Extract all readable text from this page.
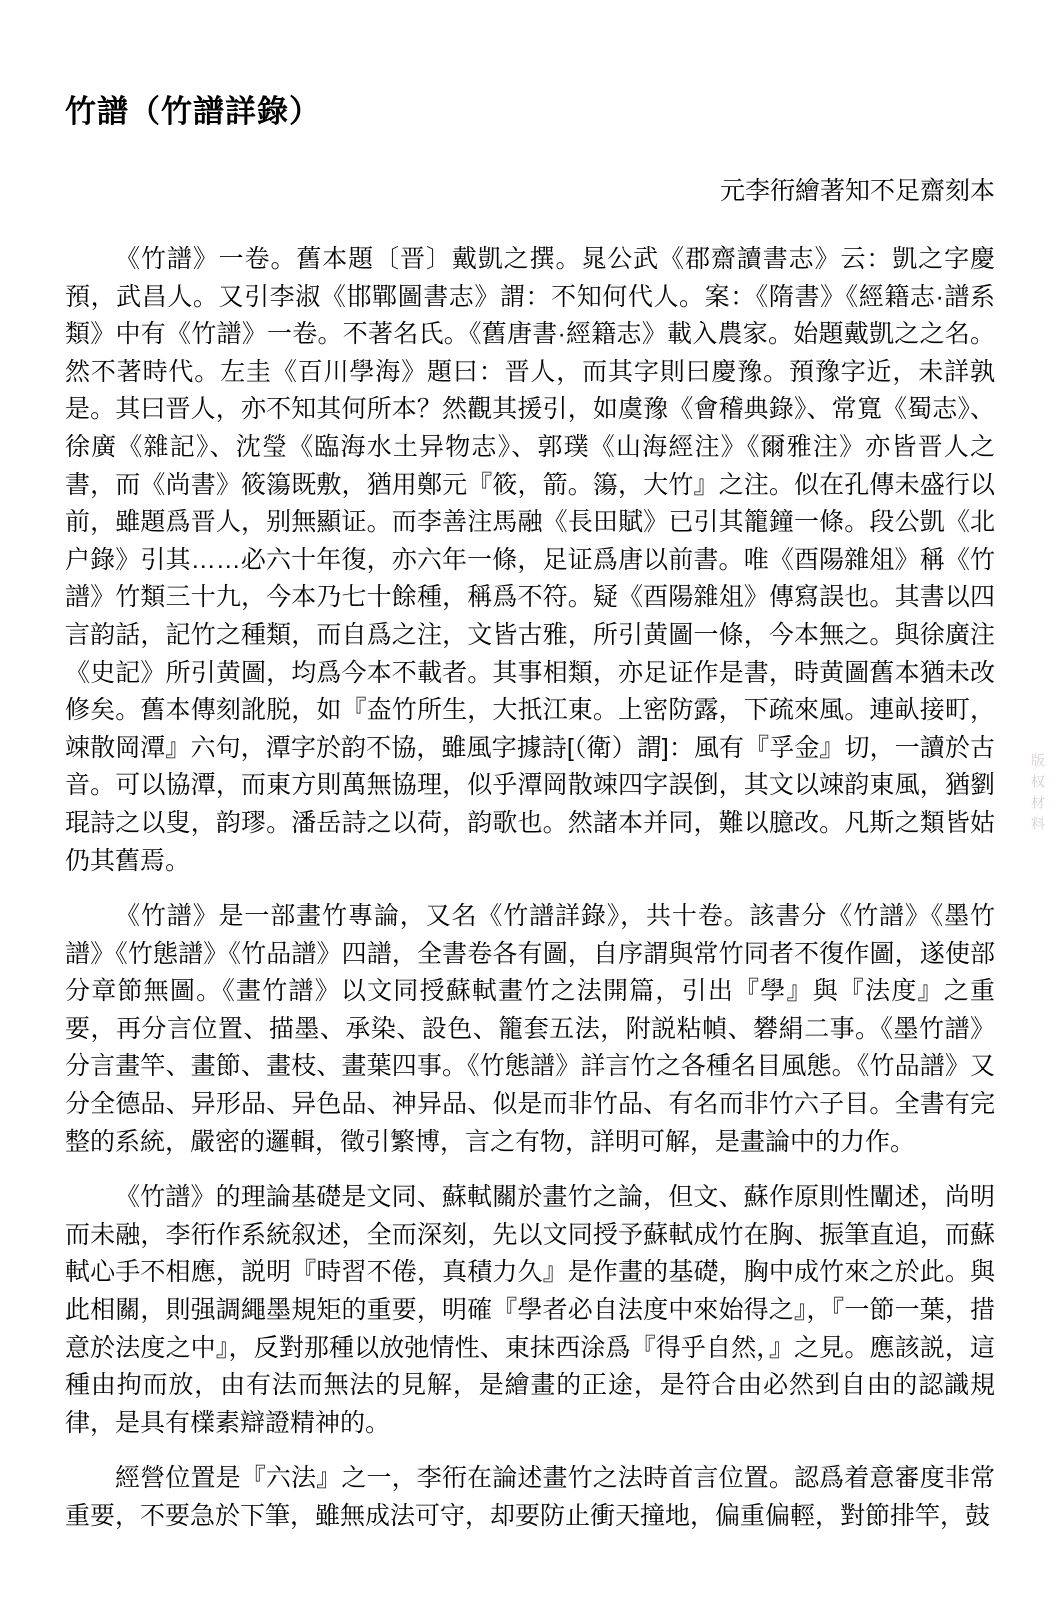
竹譜（竹譜詳錄）
元李衎繪著知不足齋刻本

《竹譜》一卷。舊本題〔晋〕戴凱之撰。晁公武《郡齋讀書志》云：凱之字慶預，武昌人。又引李淑《邯鄲圖書志》謂：不知何代人。案：《隋書》《經籍志·譜系類》中有《竹譜》一卷。不著名氏。《舊唐書·經籍志》載入農家。始題戴凱之之名。然不著時代。左圭《百川學海》題曰：晋人，而其字則曰慶豫。預豫字近，未詳孰是。其曰晋人，亦不知其何所本？然觀其援引，如虞豫《會稽典錄》、常寬《蜀志》、徐廣《雜記》、沈瑩《臨海水土异物志》、郭璞《山海經注》《爾雅注》亦皆晋人之書，而《尚書》筱簜既敷，猶用鄭元『筱，箭。簜，大竹』之注。似在孔傳未盛行以前，雖題爲晋人，别無顯证。而李善注馬融《長田賦》已引其籠鐘一條。段公凱《北户錄》引其……必六十年復，亦六年一條，足证爲唐以前書。唯《酉陽雜俎》稱《竹譜》竹類三十九，今本乃七十餘種，稱爲不符。疑《酉陽雜俎》傳寫誤也。其書以四言韵話，記竹之種類，而自爲之注，文皆古雅，所引黄圖一條，今本無之。與徐廣注《史記》所引黄圖，均爲今本不載者。其事相類，亦足证作是書，時黄圖舊本猶未改修矣。舊本傳刻訛脱，如『盇竹所生，大扺江東。上密防露，下疏來風。連畒接町，竦散岡潭』六句，潭字於韵不協，雖風字據詩[（衛）謂]：風有『孚金』切，一讀於古音。可以協潭，而東方則萬無協理，似乎潭岡散竦四字誤倒，其文以竦韵東風，猶劉琨詩之以叟，韵璆。潘岳詩之以荷，韵歌也。然諸本并同，難以臆改。凡斯之類皆姑仍其舊焉。

《竹譜》是一部畫竹專論，又名《竹譜詳錄》，共十卷。該書分《竹譜》《墨竹譜》《竹態譜》《竹品譜》四譜，全書卷各有圖，自序謂與常竹同者不復作圖，遂使部分章節無圖。《畫竹譜》以文同授蘇軾畫竹之法開篇，引出『學』與『法度』之重要，再分言位置、描墨、承染、設色、籠套五法，附説粘幀、礬絹二事。《墨竹譜》分言畫竿、畫節、畫枝、畫葉四事。《竹態譜》詳言竹之各種名目風態。《竹品譜》又分全德品、异形品、异色品、神异品、似是而非竹品、有名而非竹六子目。全書有完整的系統，嚴密的邏輯，徵引繁博，言之有物，詳明可解，是畫論中的力作。

《竹譜》的理論基礎是文同、蘇軾關於畫竹之論，但文、蘇作原則性闡述，尚明而未融，李衎作系統叙述，全而深刻，先以文同授予蘇軾成竹在胸、振筆直追，而蘇軾心手不相應，説明『時習不倦，真積力久』是作畫的基礎，胸中成竹來之於此。與此相關，則强調繩墨規矩的重要，明確『學者必自法度中來始得之』，『一節一葉，措意於法度之中』，反對那種以放弛情性、東抹西涂爲『得乎自然，』之見。應該説，這種由拘而放，由有法而無法的見解，是繪畫的正途，是符合由必然到自由的認識規律，是具有檏素辯證精神的。

經營位置是『六法』之一，李衎在論述畫竹之法時首言位置。認爲着意審度非常重要，不要急於下筆，雖無成法可守，却要防止衝天撞地，偏重偏輕，對節排竿，鼓

版权材料
